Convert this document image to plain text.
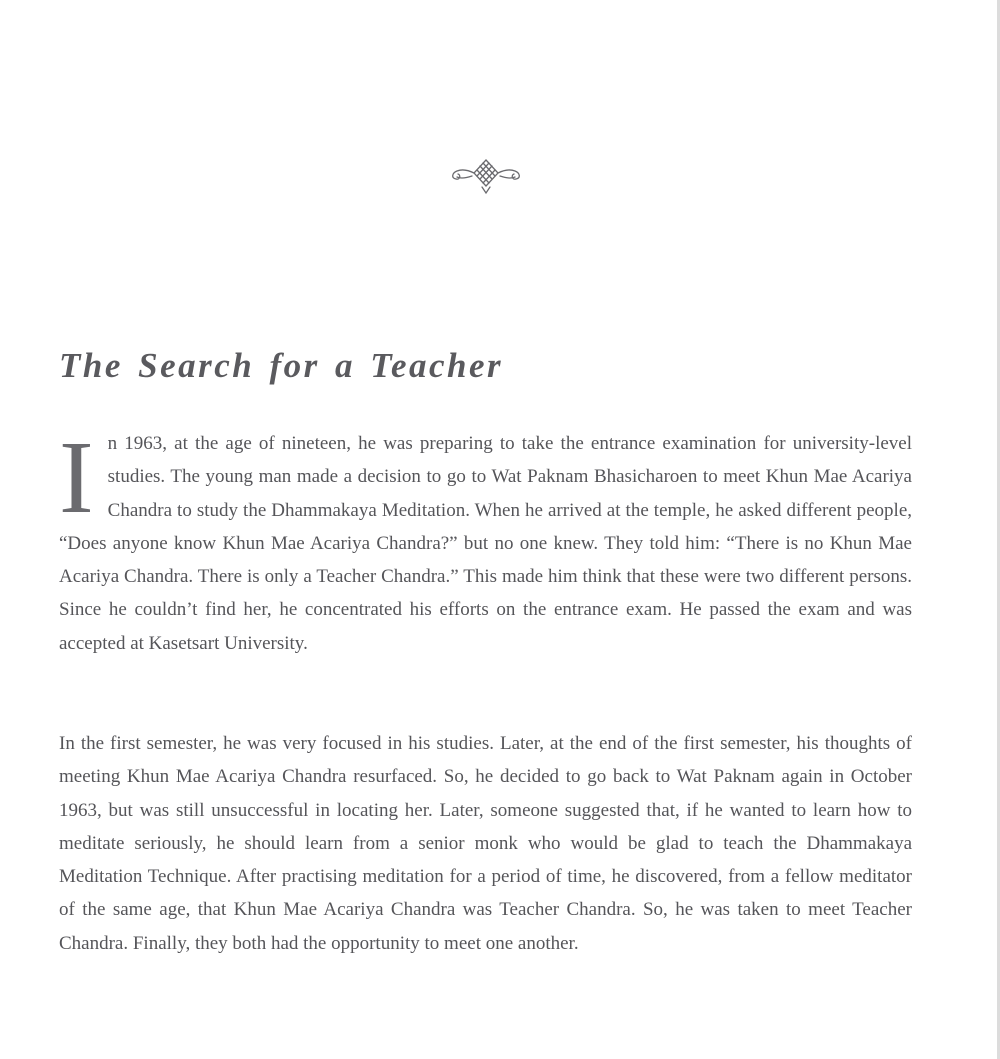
The Search for a Teacher

In 1963, at the age of nineteen, he was preparing to take the entrance examination for university-level studies. The young man made a decision to go to Wat Paknam Bhasicharoen to meet Khun Mae Acariya Chandra to study the Dhammakaya Meditation. When he arrived at the temple, he asked different people, “Does anyone know Khun Mae Acariya Chandra?” but no one knew. They told him: “There is no Khun Mae Acariya Chandra. There is only a Teacher Chandra.” This made him think that these were two different persons. Since he couldn’t find her, he concentrated his efforts on the entrance exam. He passed the exam and was accepted at Kasetsart University.

In the first semester, he was very focused in his studies. Later, at the end of the first semester, his thoughts of meeting Khun Mae Acariya Chandra resurfaced. So, he decided to go back to Wat Paknam again in October 1963, but was still unsuccessful in locating her. Later, someone suggested that, if he wanted to learn how to meditate seriously, he should learn from a senior monk who would be glad to teach the Dhammakaya Meditation Technique. After practising meditation for a period of time, he discovered, from a fellow meditator of the same age, that Khun Mae Acariya Chandra was Teacher Chandra. So, he was taken to meet Teacher Chandra. Finally, they both had the opportunity to meet one another.
